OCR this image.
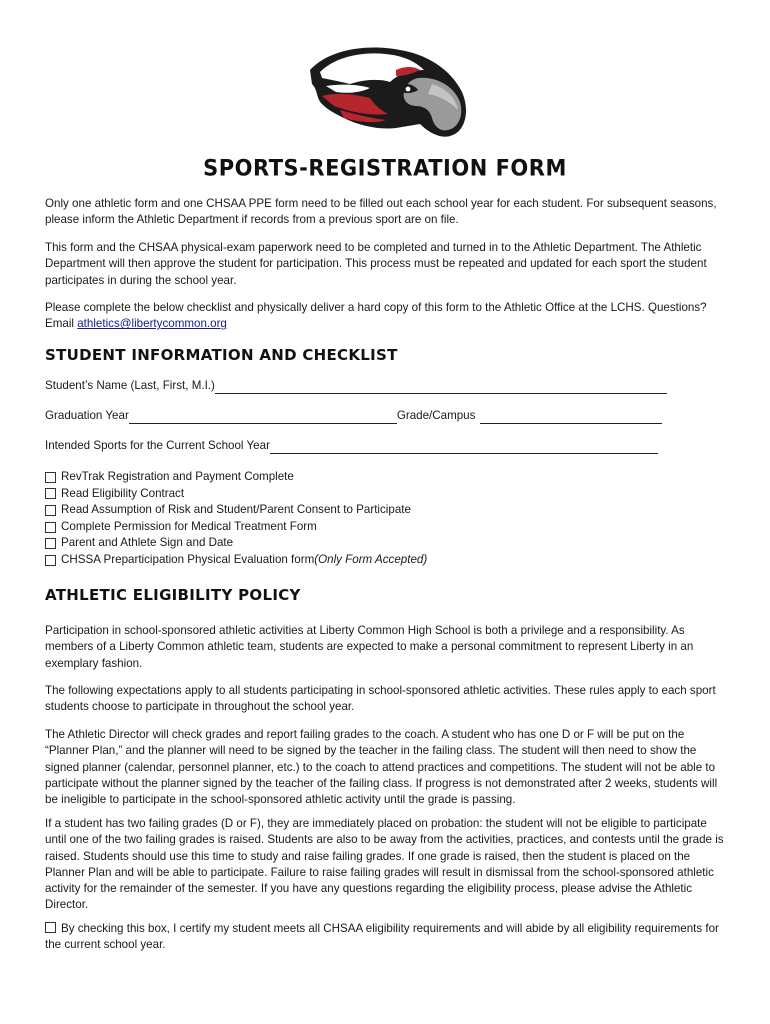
SPORTS-REGISTRATION FORM

Only one athletic form and one CHSAA PPE form need to be filled out each school year for each student. For subsequent seasons, please inform the Athletic Department if records from a previous sport are on file.

This form and the CHSAA physical-exam paperwork need to be completed and turned in to the Athletic Department. The Athletic Department will then approve the student for participation. This process must be repeated and updated for each sport the student participates in during the school year.

Please complete the below checklist and physically deliver a hard copy of this form to the Athletic Office at the LCHS. Questions? Email athletics@libertycommon.org

STUDENT INFORMATION AND CHECKLIST
Student’s Name (Last, First, M.I.)
Graduation Year	Grade/Campus
Intended Sports for the Current School Year
RevTrak Registration and Payment Complete
Read Eligibility Contract
Read Assumption of Risk and Student/Parent Consent to Participate
Complete Permission for Medical Treatment Form
Parent and Athlete Sign and Date
CHSSA Preparticipation Physical Evaluation form (Only Form Accepted)
ATHLETIC ELIGIBILITY POLICY

Participation in school-sponsored athletic activities at Liberty Common High School is both a privilege and a responsibility. As members of a Liberty Common athletic team, students are expected to make a personal commitment to represent Liberty in an exemplary fashion.

The following expectations apply to all students participating in school-sponsored athletic activities. These rules apply to each sport students choose to participate in throughout the school year.

The Athletic Director will check grades and report failing grades to the coach. A student who has one D or F will be put on the “Planner Plan,” and the planner will need to be signed by the teacher in the failing class. The student will then need to show the signed planner (calendar, personnel planner, etc.) to the coach to attend practices and competitions. The student will not be able to participate without the planner signed by the teacher of the failing class. If progress is not demonstrated after 2 weeks, students will be ineligible to participate in the school-sponsored athletic activity until the grade is passing.

If a student has two failing grades (D or F), they are immediately placed on probation: the student will not be eligible to participate until one of the two failing grades is raised. Students are also to be away from the activities, practices, and contests until the grade is raised. Students should use this time to study and raise failing grades. If one grade is raised, then the student is placed on the Planner Plan and will be able to participate. Failure to raise failing grades will result in dismissal from the school-sponsored athletic activity for the remainder of the semester. If you have any questions regarding the eligibility process, please advise the Athletic Director.

By checking this box, I certify my student meets all CHSAA eligibility requirements and will abide by all eligibility requirements for the current school year.
